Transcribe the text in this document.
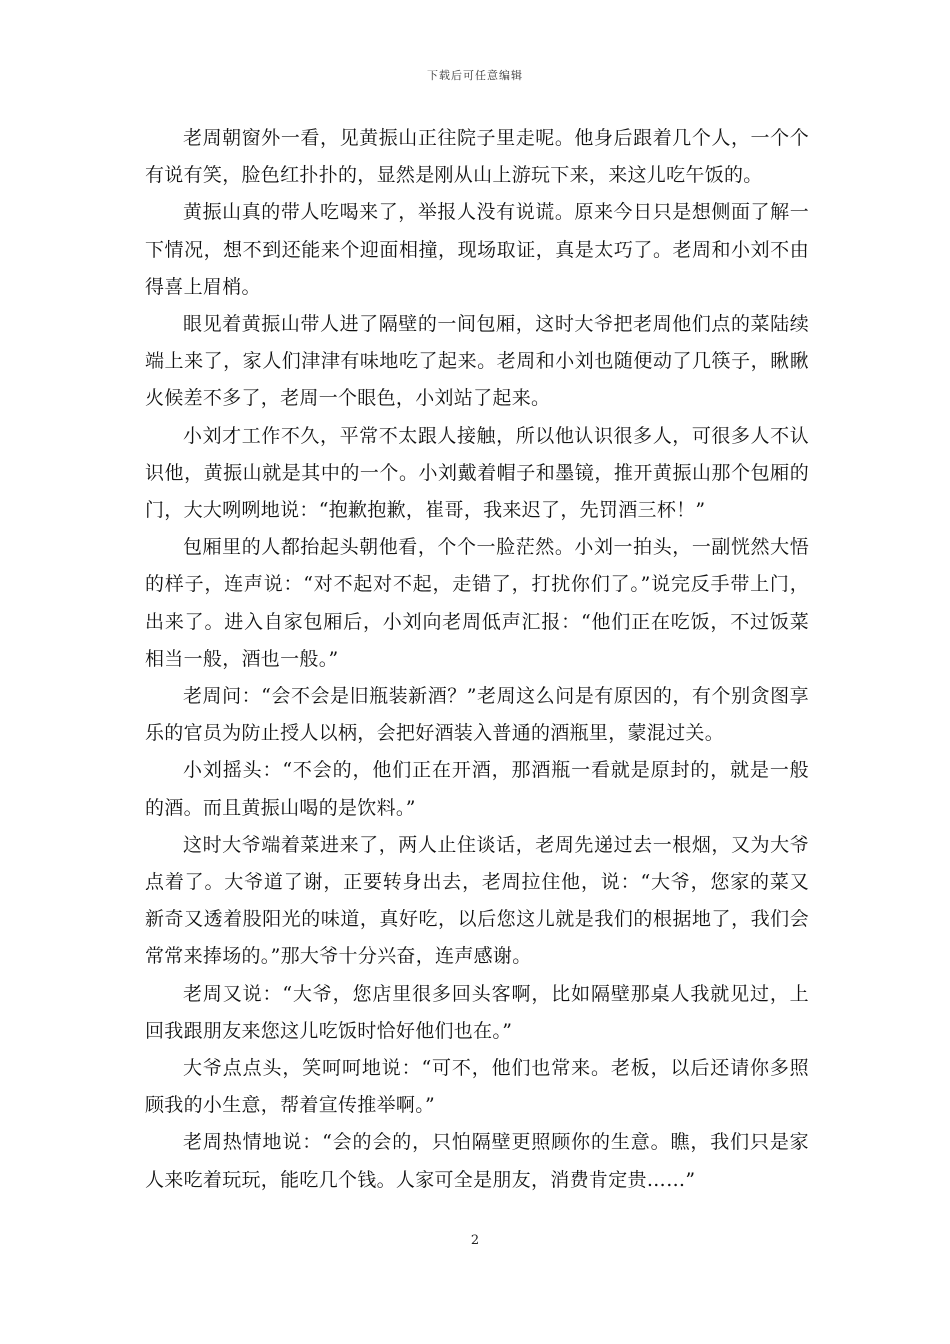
下载后可任意编辑

老周朝窗外一看，见黄振山正往院子里走呢。他身后跟着几个人，一个个有说有笑，脸色红扑扑的，显然是刚从山上游玩下来，来这儿吃午饭的。

黄振山真的带人吃喝来了，举报人没有说谎。原来今日只是想侧面了解一下情况，想不到还能来个迎面相撞，现场取证，真是太巧了。老周和小刘不由得喜上眉梢。

眼见着黄振山带人进了隔壁的一间包厢，这时大爷把老周他们点的菜陆续端上来了，家人们津津有味地吃了起来。老周和小刘也随便动了几筷子，瞅瞅火候差不多了，老周一个眼色，小刘站了起来。

小刘才工作不久，平常不太跟人接触，所以他认识很多人，可很多人不认识他，黄振山就是其中的一个。小刘戴着帽子和墨镜，推开黄振山那个包厢的门，大大咧咧地说：“抱歉抱歉，崔哥，我来迟了，先罚酒三杯！”

包厢里的人都抬起头朝他看，个个一脸茫然。小刘一拍头，一副恍然大悟的样子，连声说：“对不起对不起，走错了，打扰你们了。”说完反手带上门，出来了。进入自家包厢后，小刘向老周低声汇报：“他们正在吃饭，不过饭菜相当一般，酒也一般。”

老周问：“会不会是旧瓶装新酒？”老周这么问是有原因的，有个别贪图享乐的官员为防止授人以柄，会把好酒装入普通的酒瓶里，蒙混过关。

小刘摇头：“不会的，他们正在开酒，那酒瓶一看就是原封的，就是一般的酒。而且黄振山喝的是饮料。”

这时大爷端着菜进来了，两人止住谈话，老周先递过去一根烟，又为大爷点着了。大爷道了谢，正要转身出去，老周拉住他，说：“大爷，您家的菜又新奇又透着股阳光的味道，真好吃，以后您这儿就是我们的根据地了，我们会常常来捧场的。”那大爷十分兴奋，连声感谢。

老周又说：“大爷，您店里很多回头客啊，比如隔壁那桌人我就见过，上回我跟朋友来您这儿吃饭时恰好他们也在。”

大爷点点头，笑呵呵地说：“可不，他们也常来。老板，以后还请你多照顾我的小生意，帮着宣传推举啊。”

老周热情地说：“会的会的，只怕隔壁更照顾你的生意。瞧，我们只是家人来吃着玩玩，能吃几个钱。人家可全是朋友，消费肯定贵……”

2
